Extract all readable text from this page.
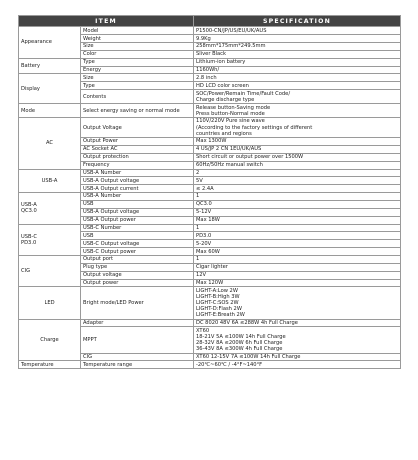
ITEM		SPECIFICATION
Appearance	Model	P1500-CN/JP/US/EU/UK/AUS
	Weight	9.9Kg
	Size	258mm*175mm*249.5mm
	Color	Sliver Black
Battery	Type	Lithium-ion battery
	Energy	1160Wh/
Display	Size	2.8 inch
	Type	HD LCD color screen
	Contents	SOC/Power/Remain Time/Fault Code/
Charge discharge type
Mode	Select energy saving or normal mode	Release button-Saving mode
Press button-Normal mode
AC	Output Voltage	110V/220V Pure sine wave
(According to the factory settings of different
countries and regions
	Output Power	Max 1300W
	AC Socket AC	4 US/JP 2 CN 1EU/UK/AUS
	Output protection	Short circuit or output power over 1500W
	Frequency	60Hz/50Hz manual switch
USB-A	USB-A Number	2
	USB-A Output voltage	5V
	USB-A Output current	≤ 2.4A
USB-A
QC3.0	USB-A Number	1
	USB	QC3.0
	USB-A Output voltage	5-12V
	USB-A Output power	Max 18W
USB-C
PD3.0	USB-C Number	1
	USB	PD3.0
	USB-C Output voltage	5-20V
	USB-C Output power	Max 60W
CIG	Output port	1
	Plug type	Cigar lighter
	Output voltage	12V
	Output power	Max 120W
LED	Bright mode/LED Power	LIGHT-A:Low 2W
LIGHT-B:High 3W
LIGHT-C:SOS 2W
LIGHT-D:Flash 2W
LIGHT-E:Breath 2W
Charge	Adapter	DC 8020 48V 6A ≤288W 4h Full Charge
	MPPT	XT60
18-21V 5A ≤100W 14h Full Charge
28-32V 8A ≤200W 6h Full Charge
36-43V 8A ≤300W 4h Full Charge
	CIG	XT60 12-15V 7A ≤100W 14h Full Charge
Temperature	Temperature range	-20℃~60℃ / -4°F~140°F
